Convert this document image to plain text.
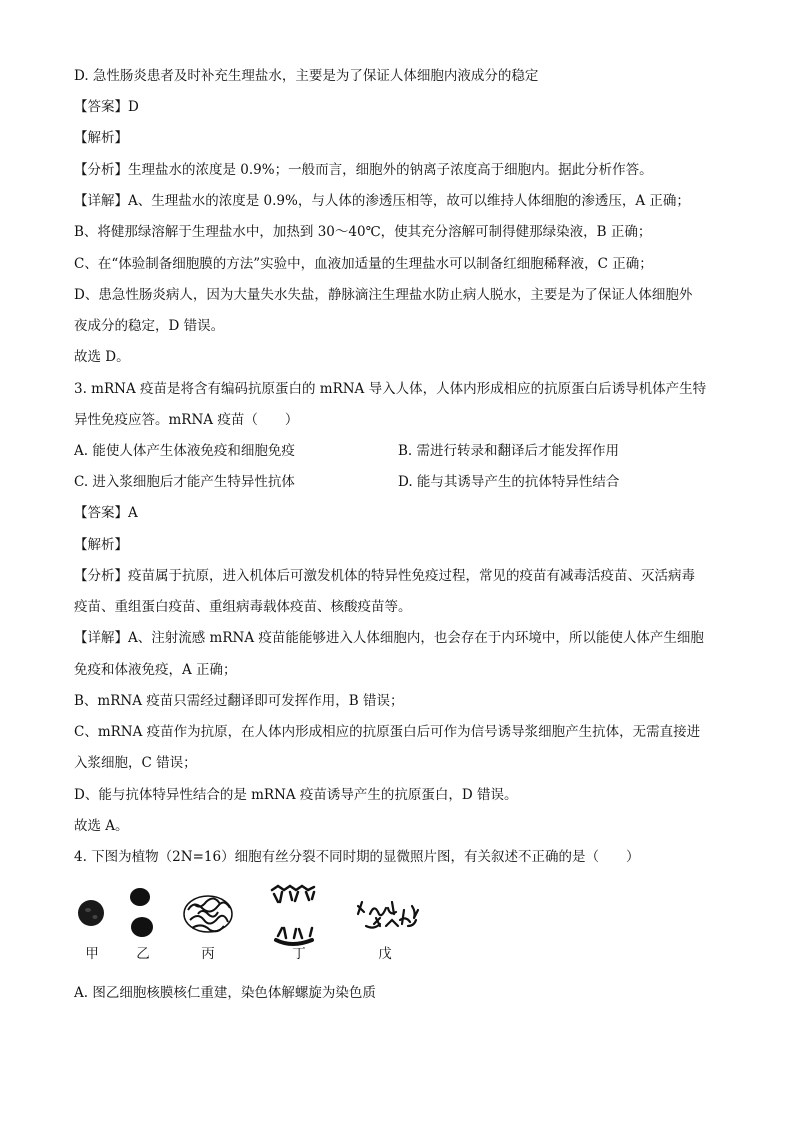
D. 急性肠炎患者及时补充生理盐水，主要是为了保证人体细胞内液成分的稳定
【答案】D
【解析】
【分析】生理盐水的浓度是 0.9%；一般而言，细胞外的钠离子浓度高于细胞内。据此分析作答。
【详解】A、生理盐水的浓度是 0.9%，与人体的渗透压相等，故可以维持人体细胞的渗透压，A 正确；
B、将健那绿溶解于生理盐水中，加热到 30～40℃，使其充分溶解可制得健那绿染液，B 正确；
C、在“体验制备细胞膜的方法”实验中，血液加适量的生理盐水可以制备红细胞稀释液，C 正确；
D、患急性肠炎病人，因为大量失水失盐，静脉滴注生理盐水防止病人脱水，主要是为了保证人体细胞外
夜成分的稳定，D 错误。
故选 D。
3. mRNA 疫苗是将含有编码抗原蛋白的 mRNA 导入人体，人体内形成相应的抗原蛋白后诱导机体产生特
异性免疫应答。mRNA 疫苗（　　）
A. 能使人体产生体液免疫和细胞免疫	B. 需进行转录和翻译后才能发挥作用
C. 进入浆细胞后才能产生特异性抗体	D. 能与其诱导产生的抗体特异性结合
【答案】A
【解析】
【分析】疫苗属于抗原，进入机体后可激发机体的特异性免疫过程，常见的疫苗有减毒活疫苗、灭活病毒
疫苗、重组蛋白疫苗、重组病毒载体疫苗、核酸疫苗等。
【详解】A、注射流感 mRNA 疫苗能能够进入人体细胞内，也会存在于内环境中，所以能使人体产生细胞
免疫和体液免疫，A 正确；
B、mRNA 疫苗只需经过翻译即可发挥作用，B 错误；
C、mRNA 疫苗作为抗原，在人体内形成相应的抗原蛋白后可作为信号诱导浆细胞产生抗体，无需直接进
入浆细胞，C 错误；
D、能与抗体特异性结合的是 mRNA 疫苗诱导产生的抗原蛋白，D 错误。
故选 A。
4. 下图为植物（2N=16）细胞有丝分裂不同时期的显微照片图，有关叙述不正确的是（　　）
甲	乙	丙	丁	戊
A. 图乙细胞核膜核仁重建，染色体解螺旋为染色质
